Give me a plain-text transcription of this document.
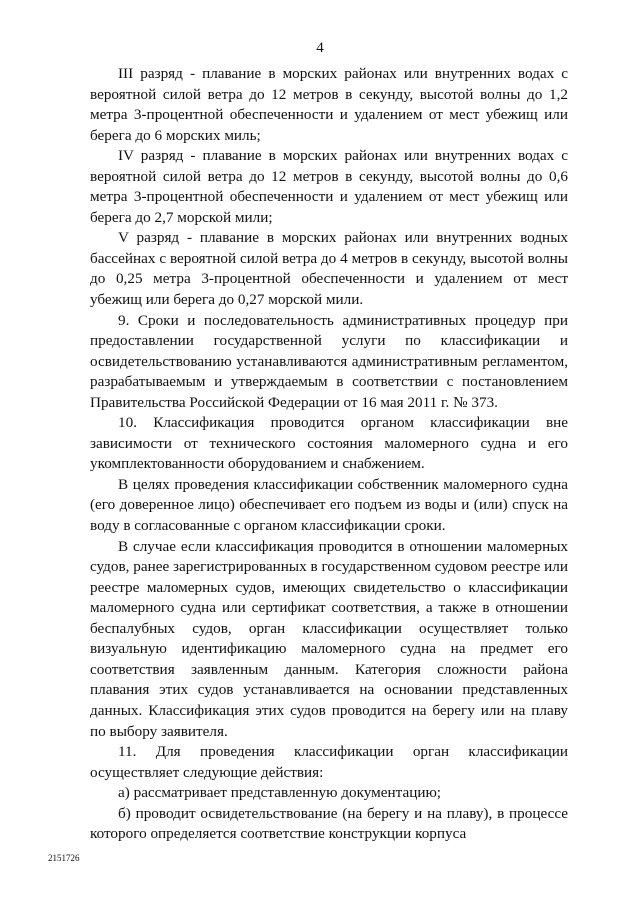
4

III разряд - плавание в морских районах или внутренних водах с вероятной силой ветра до 12 метров в секунду, высотой волны до 1,2 метра 3-процентной обеспеченности и удалением от мест убежищ или берега до 6 морских миль;

IV разряд - плавание в морских районах или внутренних водах с вероятной силой ветра до 12 метров в секунду, высотой волны до 0,6 метра 3-процентной обеспеченности и удалением от мест убежищ или берега до 2,7 морской мили;

V разряд - плавание в морских районах или внутренних водных бассейнах с вероятной силой ветра до 4 метров в секунду, высотой волны до 0,25 метра 3-процентной обеспеченности и удалением от мест убежищ или берега до 0,27 морской мили.

9. Сроки и последовательность административных процедур при предоставлении государственной услуги по классификации и освидетельствованию устанавливаются административным регламентом, разрабатываемым и утверждаемым в соответствии с постановлением Правительства Российской Федерации от 16 мая 2011 г. № 373.

10. Классификация проводится органом классификации вне зависимости от технического состояния маломерного судна и его укомплектованности оборудованием и снабжением.

В целях проведения классификации собственник маломерного судна (его доверенное лицо) обеспечивает его подъем из воды и (или) спуск на воду в согласованные с органом классификации сроки.

В случае если классификация проводится в отношении маломерных судов, ранее зарегистрированных в государственном судовом реестре или реестре маломерных судов, имеющих свидетельство о классификации маломерного судна или сертификат соответствия, а также в отношении беспалубных судов, орган классификации осуществляет только визуальную идентификацию маломерного судна на предмет его соответствия заявленным данным. Категория сложности района плавания этих судов устанавливается на основании представленных данных. Классификация этих судов проводится на берегу или на плаву по выбору заявителя.

11. Для проведения классификации орган классификации осуществляет следующие действия:

а) рассматривает представленную документацию;

б) проводит освидетельствование (на берегу и на плаву), в процессе которого определяется соответствие конструкции корпуса

2151726
